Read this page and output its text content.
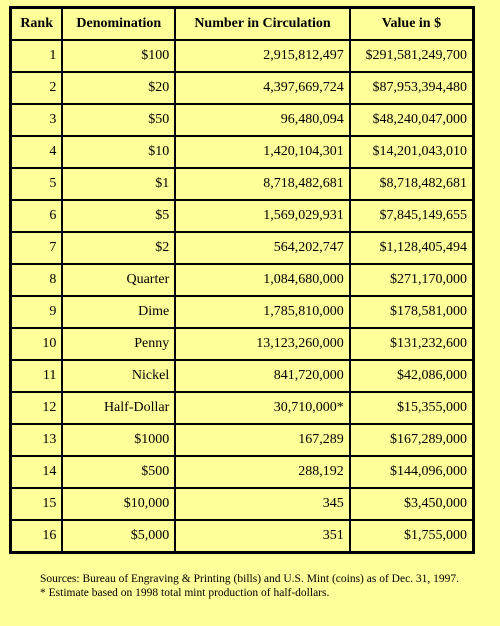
Rank	Denomination	Number in Circulation	Value in $
1	$100	2,915,812,497	$291,581,249,700
2	$20	4,397,669,724	$87,953,394,480
3	$50	96,480,094	$48,240,047,000
4	$10	1,420,104,301	$14,201,043,010
5	$1	8,718,482,681	$8,718,482,681
6	$5	1,569,029,931	$7,845,149,655
7	$2	564,202,747	$1,128,405,494
8	Quarter	1,084,680,000	$271,170,000
9	Dime	1,785,810,000	$178,581,000
10	Penny	13,123,260,000	$131,232,600
11	Nickel	841,720,000	$42,086,000
12	Half-Dollar	30,710,000*	$15,355,000
13	$1000	167,289	$167,289,000
14	$500	288,192	$144,096,000
15	$10,000	345	$3,450,000
16	$5,000	351	$1,755,000
Sources: Bureau of Engraving & Printing (bills) and U.S. Mint (coins) as of Dec. 31, 1997.
* Estimate based on 1998 total mint production of half-dollars.
